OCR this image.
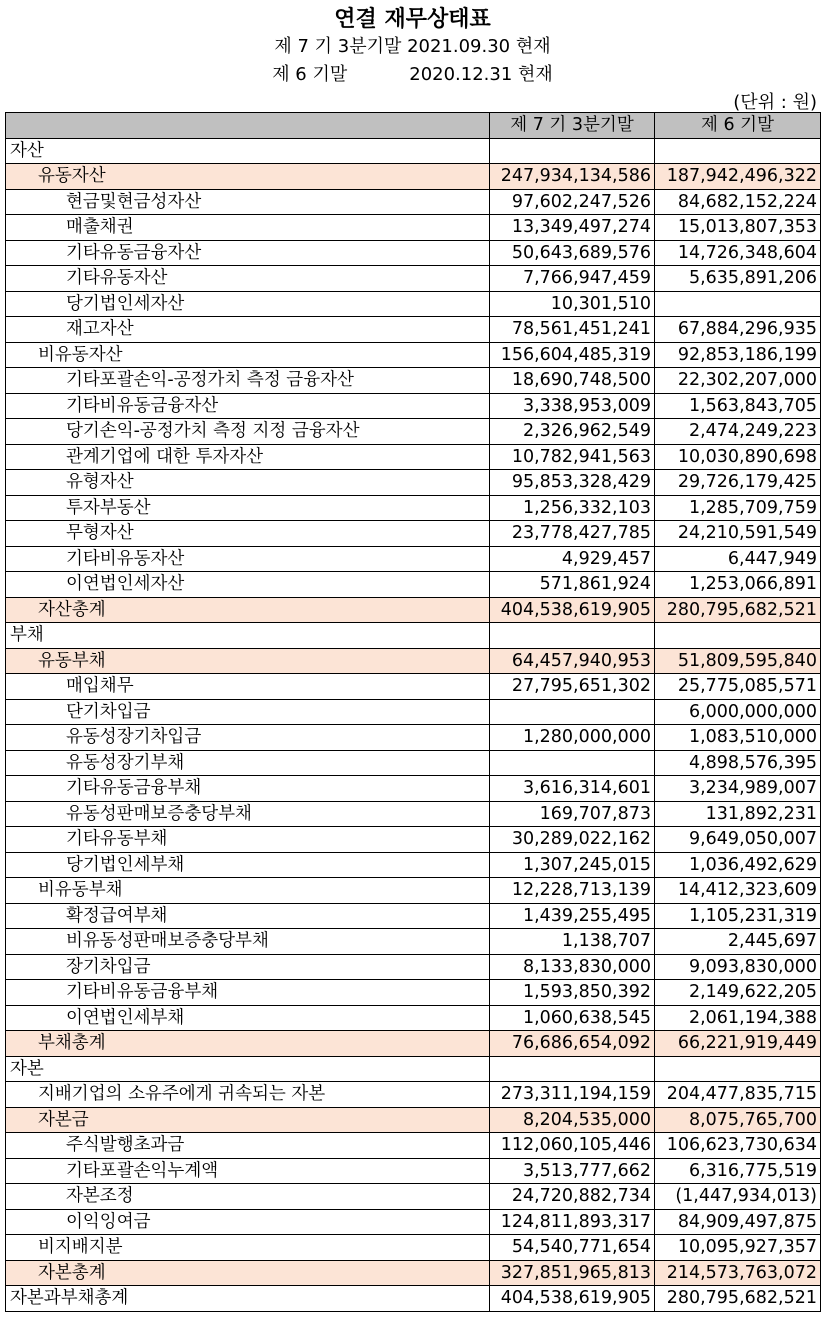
연결 재무상태표
제 7 기 3분기말 2021.09.30 현재
제 6 기말	2020.12.31 현재
(단위 : 원)
	제 7 기 3분기말	제 6 기말
자산		
유동자산	247,934,134,586	187,942,496,322
현금및현금성자산	97,602,247,526	84,682,152,224
매출채권	13,349,497,274	15,013,807,353
기타유동금융자산	50,643,689,576	14,726,348,604
기타유동자산	7,766,947,459	5,635,891,206
당기법인세자산	10,301,510	
재고자산	78,561,451,241	67,884,296,935
비유동자산	156,604,485,319	92,853,186,199
기타포괄손익-공정가치 측정 금융자산	18,690,748,500	22,302,207,000
기타비유동금융자산	3,338,953,009	1,563,843,705
당기손익-공정가치 측정 지정 금융자산	2,326,962,549	2,474,249,223
관계기업에 대한 투자자산	10,782,941,563	10,030,890,698
유형자산	95,853,328,429	29,726,179,425
투자부동산	1,256,332,103	1,285,709,759
무형자산	23,778,427,785	24,210,591,549
기타비유동자산	4,929,457	6,447,949
이연법인세자산	571,861,924	1,253,066,891
자산총계	404,538,619,905	280,795,682,521
부채		
유동부채	64,457,940,953	51,809,595,840
매입채무	27,795,651,302	25,775,085,571
단기차입금		6,000,000,000
유동성장기차입금	1,280,000,000	1,083,510,000
유동성장기부채		4,898,576,395
기타유동금융부채	3,616,314,601	3,234,989,007
유동성판매보증충당부채	169,707,873	131,892,231
기타유동부채	30,289,022,162	9,649,050,007
당기법인세부채	1,307,245,015	1,036,492,629
비유동부채	12,228,713,139	14,412,323,609
확정급여부채	1,439,255,495	1,105,231,319
비유동성판매보증충당부채	1,138,707	2,445,697
장기차입금	8,133,830,000	9,093,830,000
기타비유동금융부채	1,593,850,392	2,149,622,205
이연법인세부채	1,060,638,545	2,061,194,388
부채총계	76,686,654,092	66,221,919,449
자본		
지배기업의 소유주에게 귀속되는 자본	273,311,194,159	204,477,835,715
자본금	8,204,535,000	8,075,765,700
주식발행초과금	112,060,105,446	106,623,730,634
기타포괄손익누계액	3,513,777,662	6,316,775,519
자본조정	24,720,882,734	(1,447,934,013)
이익잉여금	124,811,893,317	84,909,497,875
비지배지분	54,540,771,654	10,095,927,357
자본총계	327,851,965,813	214,573,763,072
자본과부채총계	404,538,619,905	280,795,682,521
